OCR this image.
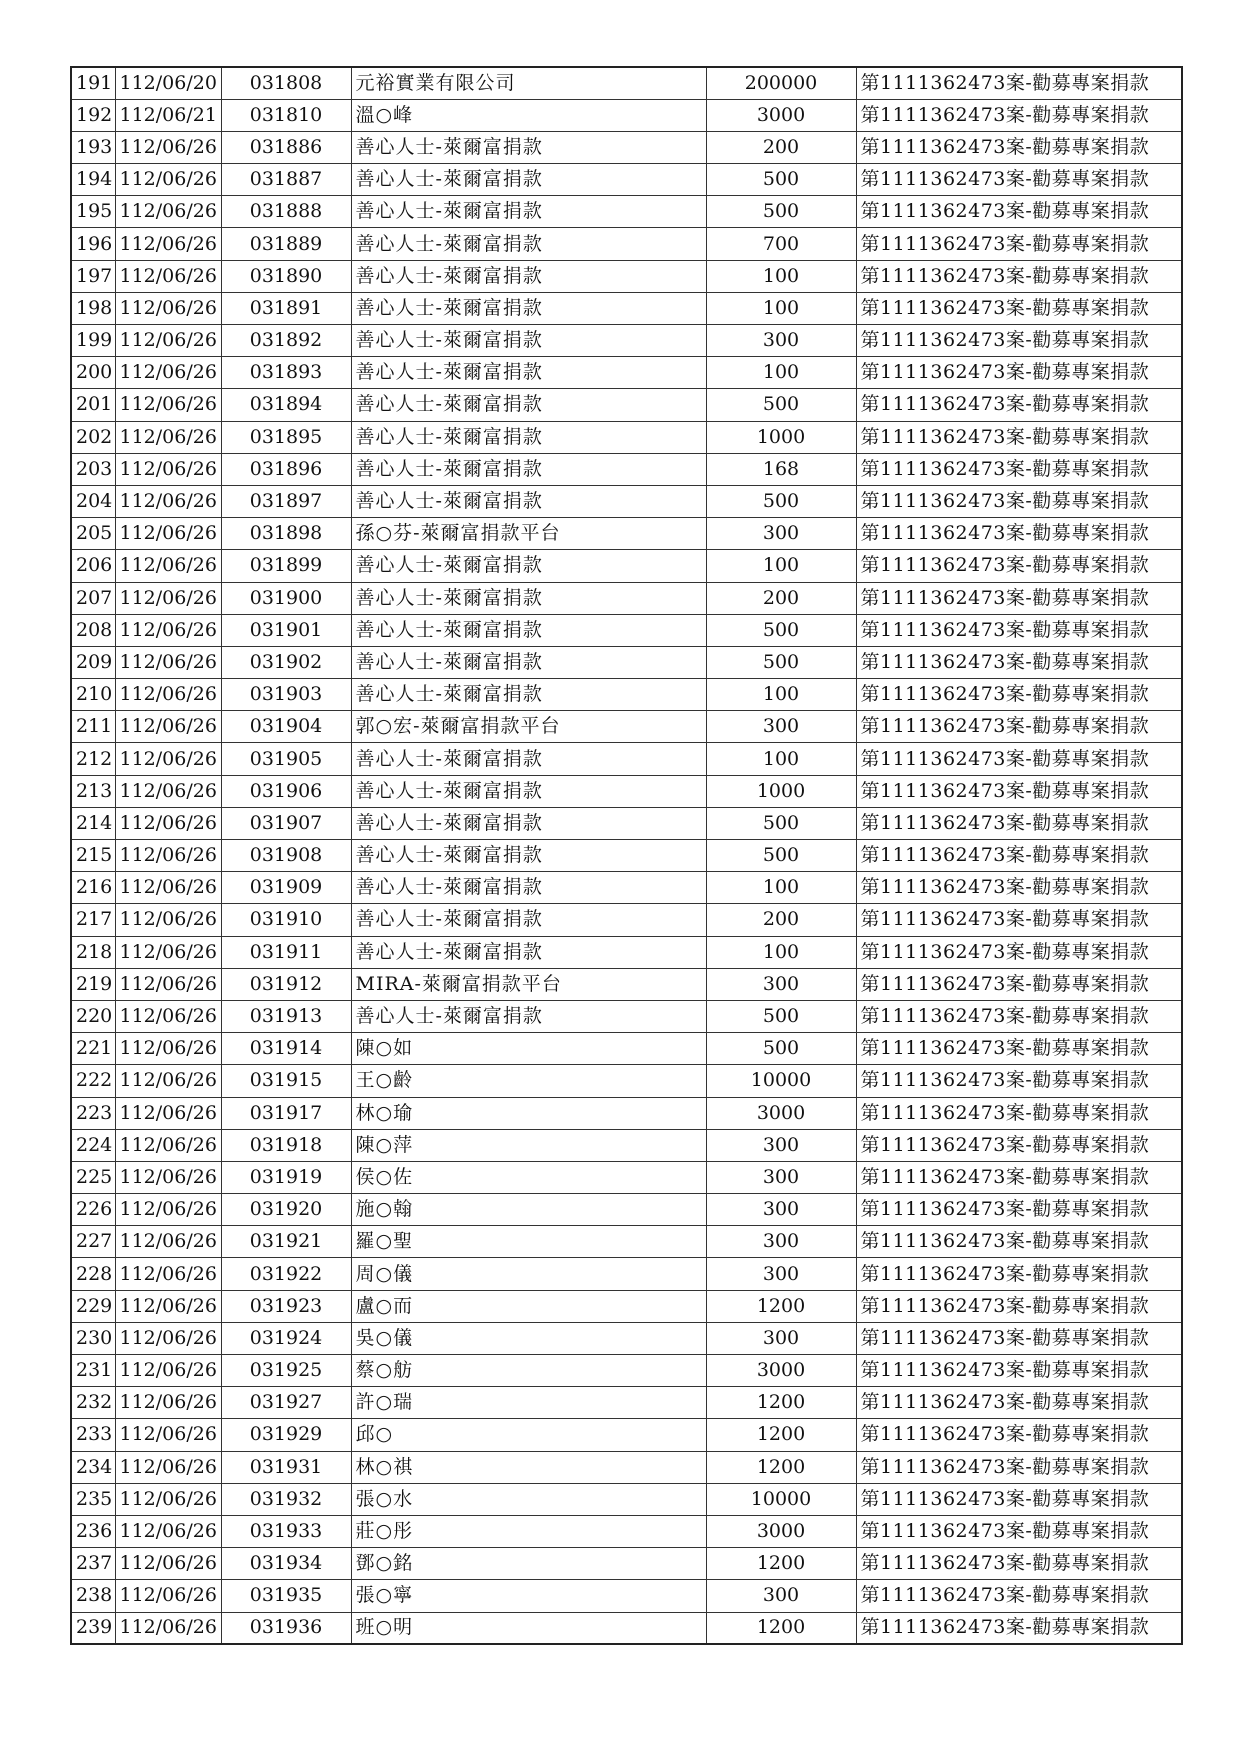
191	112/06/20	031808	元裕實業有限公司	200000	第1111362473案-勸募專案捐款
192	112/06/21	031810	溫○峰	3000	第1111362473案-勸募專案捐款
193	112/06/26	031886	善心人士-萊爾富捐款	200	第1111362473案-勸募專案捐款
194	112/06/26	031887	善心人士-萊爾富捐款	500	第1111362473案-勸募專案捐款
195	112/06/26	031888	善心人士-萊爾富捐款	500	第1111362473案-勸募專案捐款
196	112/06/26	031889	善心人士-萊爾富捐款	700	第1111362473案-勸募專案捐款
197	112/06/26	031890	善心人士-萊爾富捐款	100	第1111362473案-勸募專案捐款
198	112/06/26	031891	善心人士-萊爾富捐款	100	第1111362473案-勸募專案捐款
199	112/06/26	031892	善心人士-萊爾富捐款	300	第1111362473案-勸募專案捐款
200	112/06/26	031893	善心人士-萊爾富捐款	100	第1111362473案-勸募專案捐款
201	112/06/26	031894	善心人士-萊爾富捐款	500	第1111362473案-勸募專案捐款
202	112/06/26	031895	善心人士-萊爾富捐款	1000	第1111362473案-勸募專案捐款
203	112/06/26	031896	善心人士-萊爾富捐款	168	第1111362473案-勸募專案捐款
204	112/06/26	031897	善心人士-萊爾富捐款	500	第1111362473案-勸募專案捐款
205	112/06/26	031898	孫○芬-萊爾富捐款平台	300	第1111362473案-勸募專案捐款
206	112/06/26	031899	善心人士-萊爾富捐款	100	第1111362473案-勸募專案捐款
207	112/06/26	031900	善心人士-萊爾富捐款	200	第1111362473案-勸募專案捐款
208	112/06/26	031901	善心人士-萊爾富捐款	500	第1111362473案-勸募專案捐款
209	112/06/26	031902	善心人士-萊爾富捐款	500	第1111362473案-勸募專案捐款
210	112/06/26	031903	善心人士-萊爾富捐款	100	第1111362473案-勸募專案捐款
211	112/06/26	031904	郭○宏-萊爾富捐款平台	300	第1111362473案-勸募專案捐款
212	112/06/26	031905	善心人士-萊爾富捐款	100	第1111362473案-勸募專案捐款
213	112/06/26	031906	善心人士-萊爾富捐款	1000	第1111362473案-勸募專案捐款
214	112/06/26	031907	善心人士-萊爾富捐款	500	第1111362473案-勸募專案捐款
215	112/06/26	031908	善心人士-萊爾富捐款	500	第1111362473案-勸募專案捐款
216	112/06/26	031909	善心人士-萊爾富捐款	100	第1111362473案-勸募專案捐款
217	112/06/26	031910	善心人士-萊爾富捐款	200	第1111362473案-勸募專案捐款
218	112/06/26	031911	善心人士-萊爾富捐款	100	第1111362473案-勸募專案捐款
219	112/06/26	031912	MIRA-萊爾富捐款平台	300	第1111362473案-勸募專案捐款
220	112/06/26	031913	善心人士-萊爾富捐款	500	第1111362473案-勸募專案捐款
221	112/06/26	031914	陳○如	500	第1111362473案-勸募專案捐款
222	112/06/26	031915	王○齡	10000	第1111362473案-勸募專案捐款
223	112/06/26	031917	林○瑜	3000	第1111362473案-勸募專案捐款
224	112/06/26	031918	陳○萍	300	第1111362473案-勸募專案捐款
225	112/06/26	031919	侯○佐	300	第1111362473案-勸募專案捐款
226	112/06/26	031920	施○翰	300	第1111362473案-勸募專案捐款
227	112/06/26	031921	羅○聖	300	第1111362473案-勸募專案捐款
228	112/06/26	031922	周○儀	300	第1111362473案-勸募專案捐款
229	112/06/26	031923	盧○而	1200	第1111362473案-勸募專案捐款
230	112/06/26	031924	吳○儀	300	第1111362473案-勸募專案捐款
231	112/06/26	031925	蔡○舫	3000	第1111362473案-勸募專案捐款
232	112/06/26	031927	許○瑞	1200	第1111362473案-勸募專案捐款
233	112/06/26	031929	邱○	1200	第1111362473案-勸募專案捐款
234	112/06/26	031931	林○祺	1200	第1111362473案-勸募專案捐款
235	112/06/26	031932	張○水	10000	第1111362473案-勸募專案捐款
236	112/06/26	031933	莊○彤	3000	第1111362473案-勸募專案捐款
237	112/06/26	031934	鄧○銘	1200	第1111362473案-勸募專案捐款
238	112/06/26	031935	張○寧	300	第1111362473案-勸募專案捐款
239	112/06/26	031936	班○明	1200	第1111362473案-勸募專案捐款
